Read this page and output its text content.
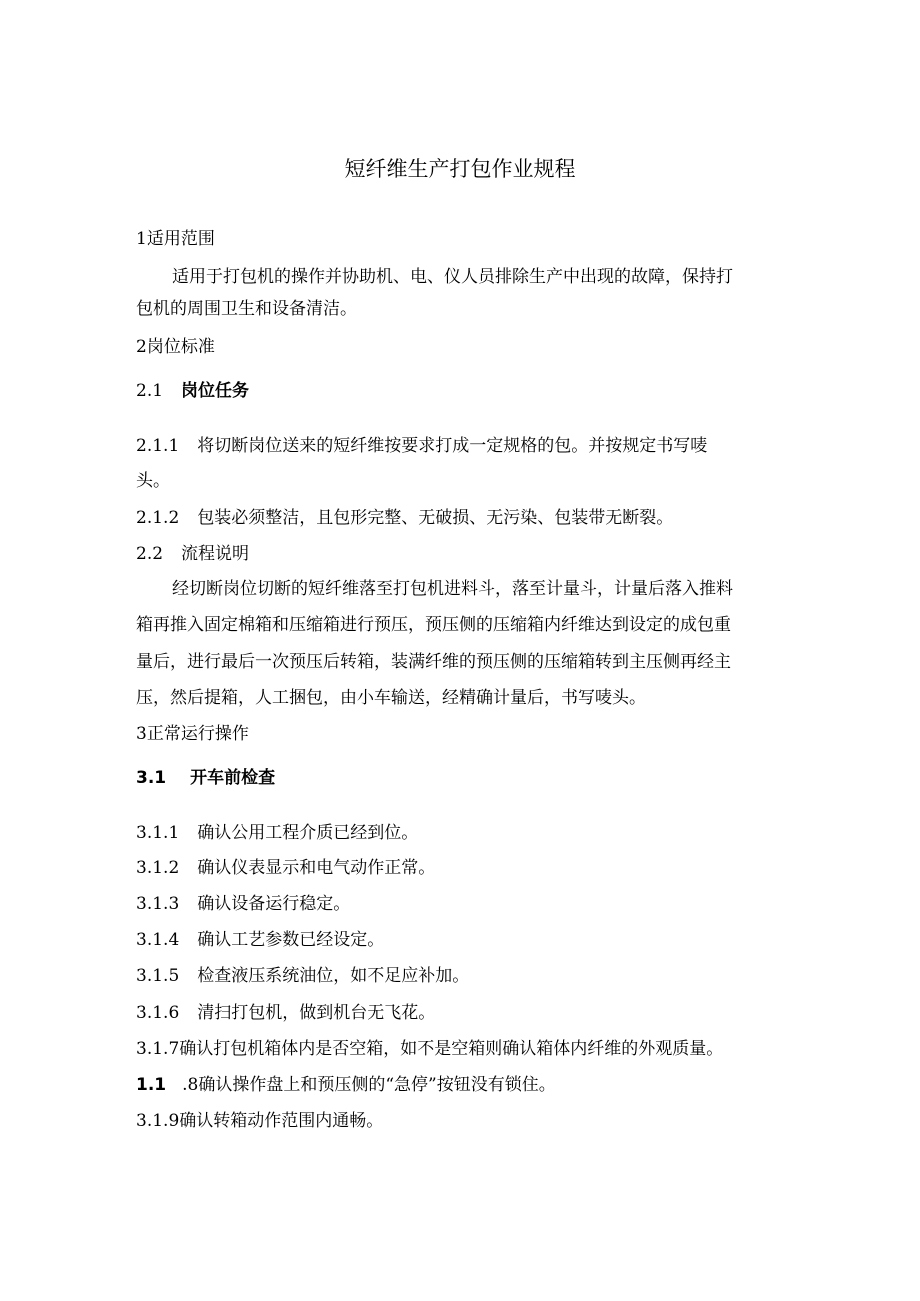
短纤维生产打包作业规程
1适用范围
适用于打包机的操作并协助机、电、仪人员排除生产中出现的故障，保持打
包机的周围卫生和设备清洁。
2岗位标准
2.1 岗位任务
2.1.1 将切断岗位送来的短纤维按要求打成一定规格的包。并按规定书写唛
头。
2.1.2 包装必须整洁，且包形完整、无破损、无污染、包装带无断裂。
2.2 流程说明
经切断岗位切断的短纤维落至打包机进料斗，落至计量斗，计量后落入推料
箱再推入固定棉箱和压缩箱进行预压，预压侧的压缩箱内纤维达到设定的成包重
量后，进行最后一次预压后转箱，装满纤维的预压侧的压缩箱转到主压侧再经主
压，然后提箱，人工捆包，由小车输送，经精确计量后，书写唛头。
3正常运行操作
3.1 开车前检查
3.1.1 确认公用工程介质已经到位。
3.1.2 确认仪表显示和电气动作正常。
3.1.3 确认设备运行稳定。
3.1.4 确认工艺参数已经设定。
3.1.5 检查液压系统油位，如不足应补加。
3.1.6 清扫打包机，做到机台无飞花。
3.1.7确认打包机箱体内是否空箱，如不是空箱则确认箱体内纤维的外观质量。
1.1 .8确认操作盘上和预压侧的“急停”按钮没有锁住。
3.1.9确认转箱动作范围内通畅。
